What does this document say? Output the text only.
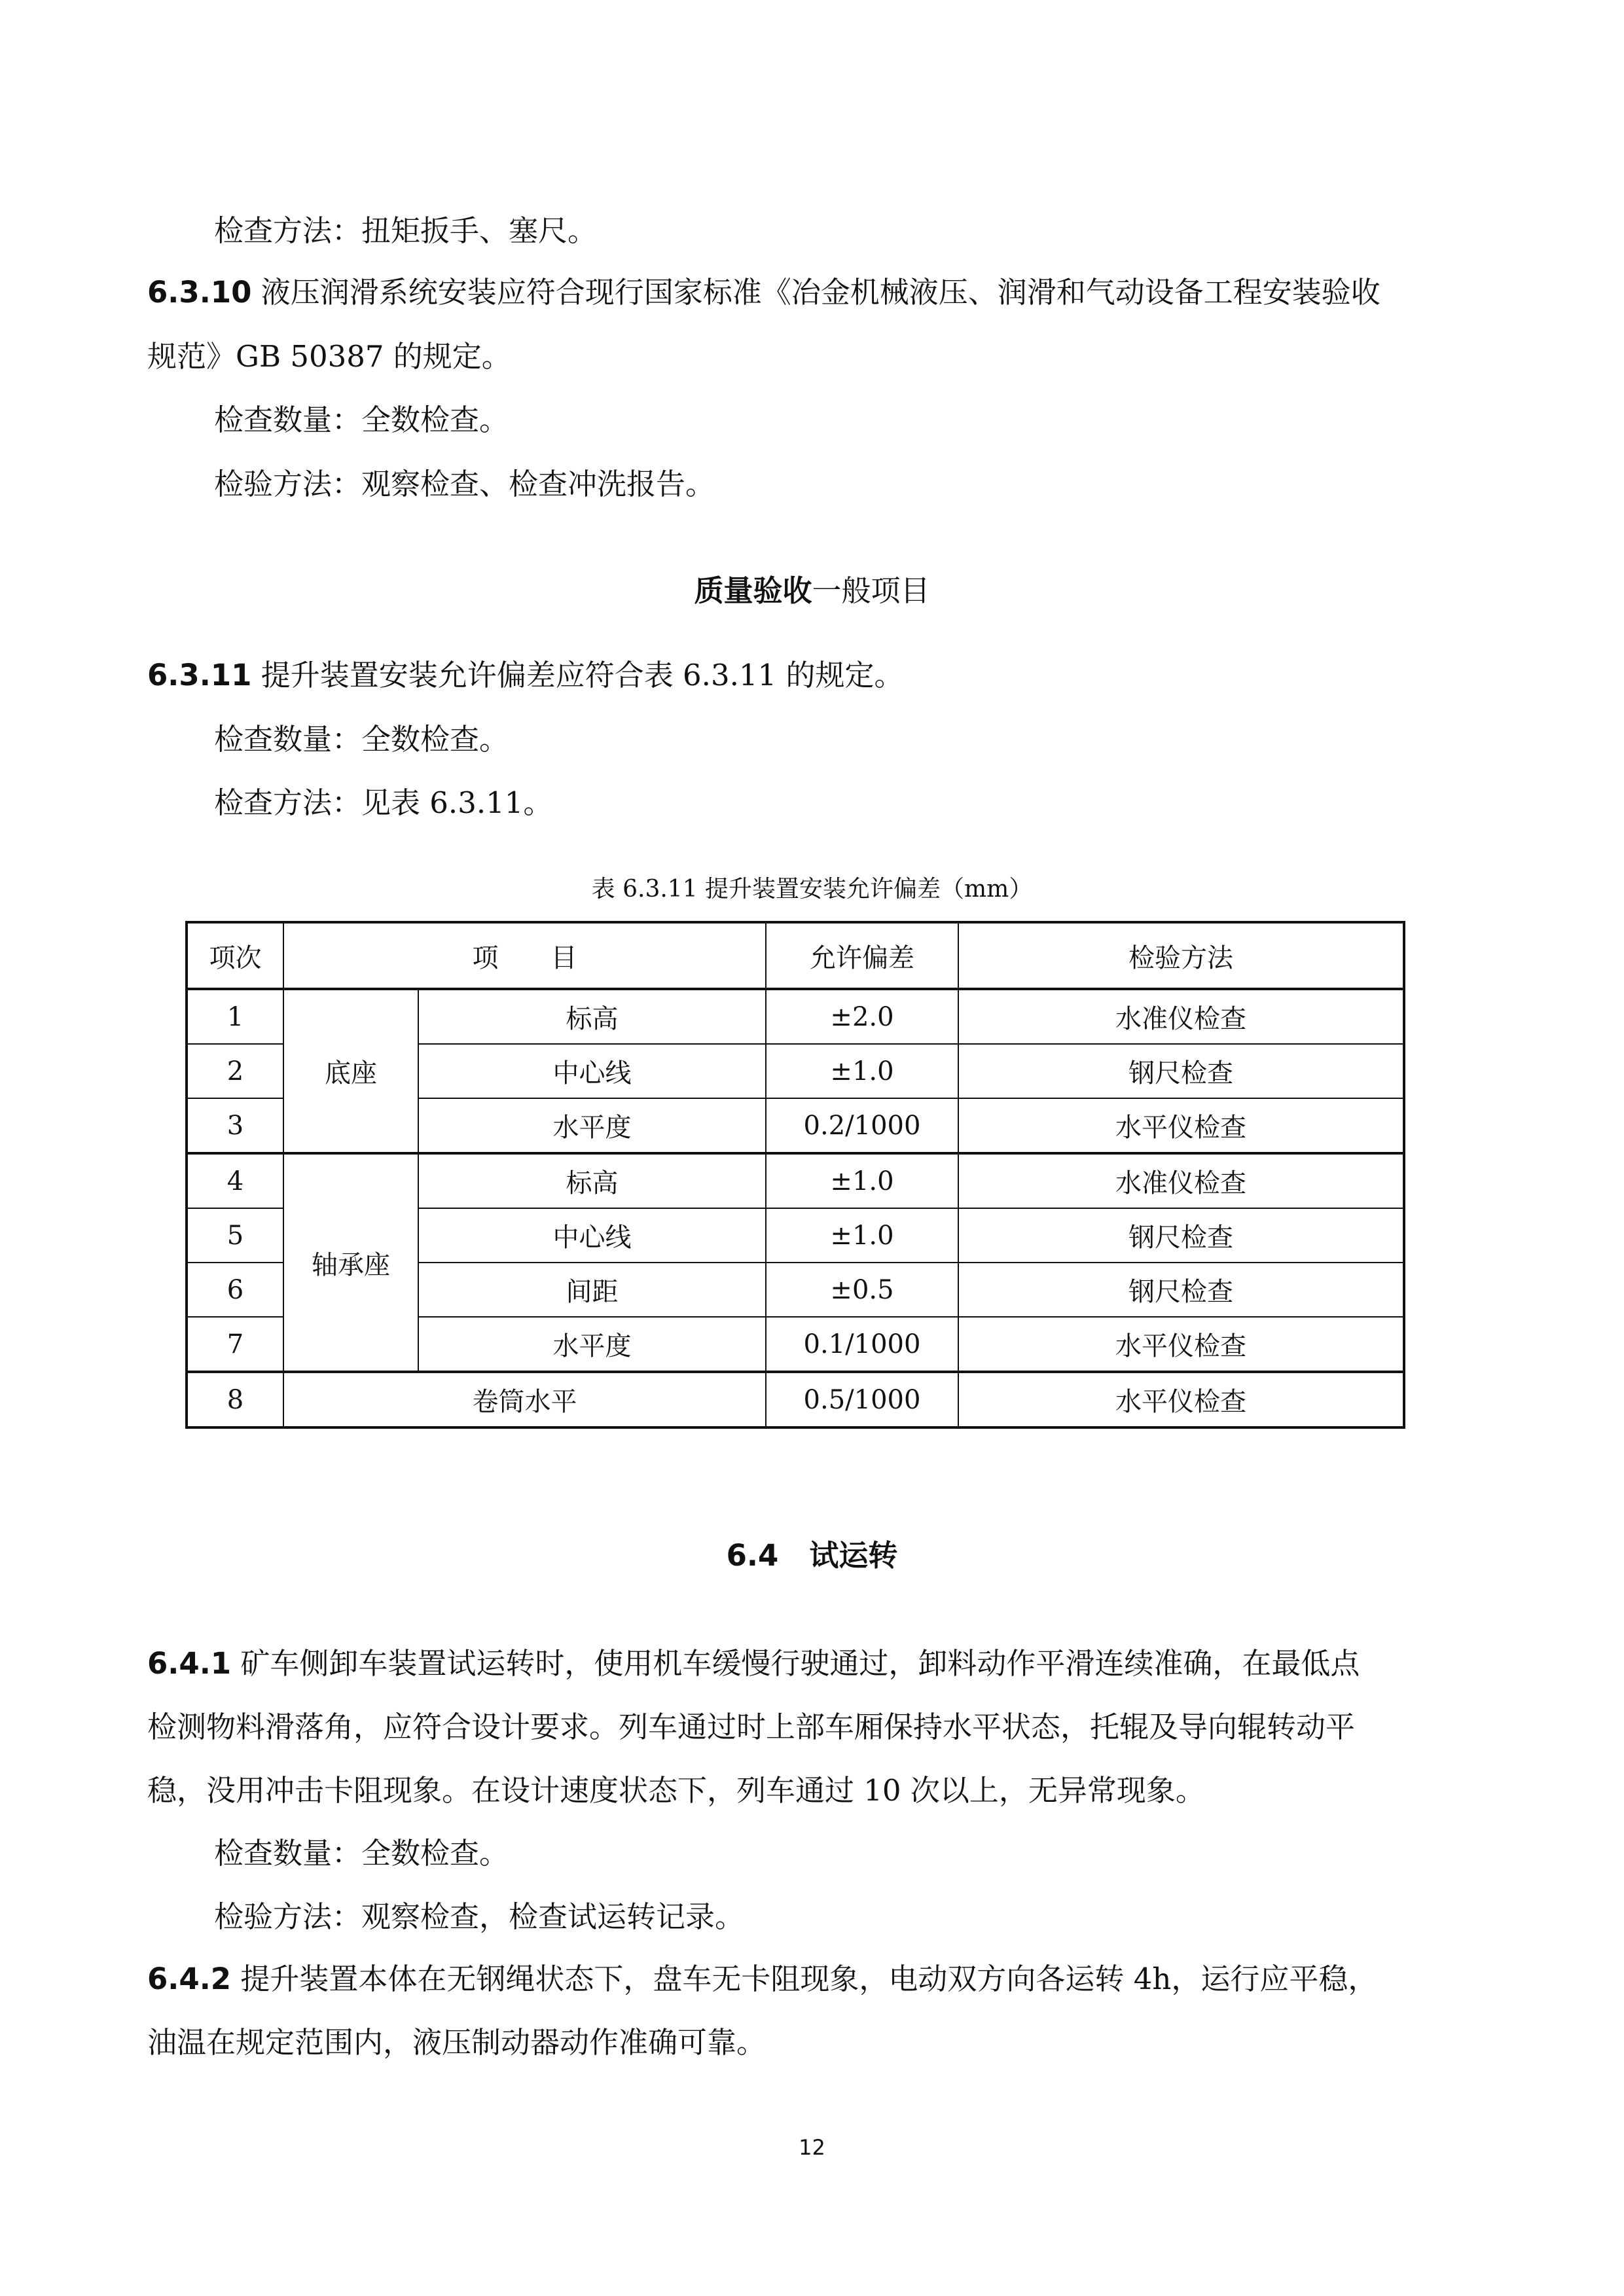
检查方法：扭矩扳手、塞尺。
6.3.10 液压润滑系统安装应符合现行国家标准《冶金机械液压、润滑和气动设备工程安装验收
规范》GB 50387 的规定。
检查数量：全数检查。
检验方法：观察检查、检查冲洗报告。
质量验收一般项目
6.3.11 提升装置安装允许偏差应符合表 6.3.11 的规定。
检查数量：全数检查。
检查方法：见表 6.3.11。
表 6.3.11 提升装置安装允许偏差（mm）
项次	项　　目		允许偏差	检验方法
1	底座	标高	±2.0	水准仪检查
2		中心线	±1.0	钢尺检查
3		水平度	0.2/1000	水平仪检查
4	轴承座	标高	±1.0	水准仪检查
5		中心线	±1.0	钢尺检查
6		间距	±0.5	钢尺检查
7		水平度	0.1/1000	水平仪检查
8	卷筒水平		0.5/1000	水平仪检查
6.4 试运转
6.4.1 矿车侧卸车装置试运转时，使用机车缓慢行驶通过，卸料动作平滑连续准确，在最低点
检测物料滑落角，应符合设计要求。列车通过时上部车厢保持水平状态，托辊及导向辊转动平
稳，没用冲击卡阻现象。在设计速度状态下，列车通过 10 次以上，无异常现象。
检查数量：全数检查。
检验方法：观察检查，检查试运转记录。
6.4.2 提升装置本体在无钢绳状态下，盘车无卡阻现象，电动双方向各运转 4h，运行应平稳，
油温在规定范围内，液压制动器动作准确可靠。
12
